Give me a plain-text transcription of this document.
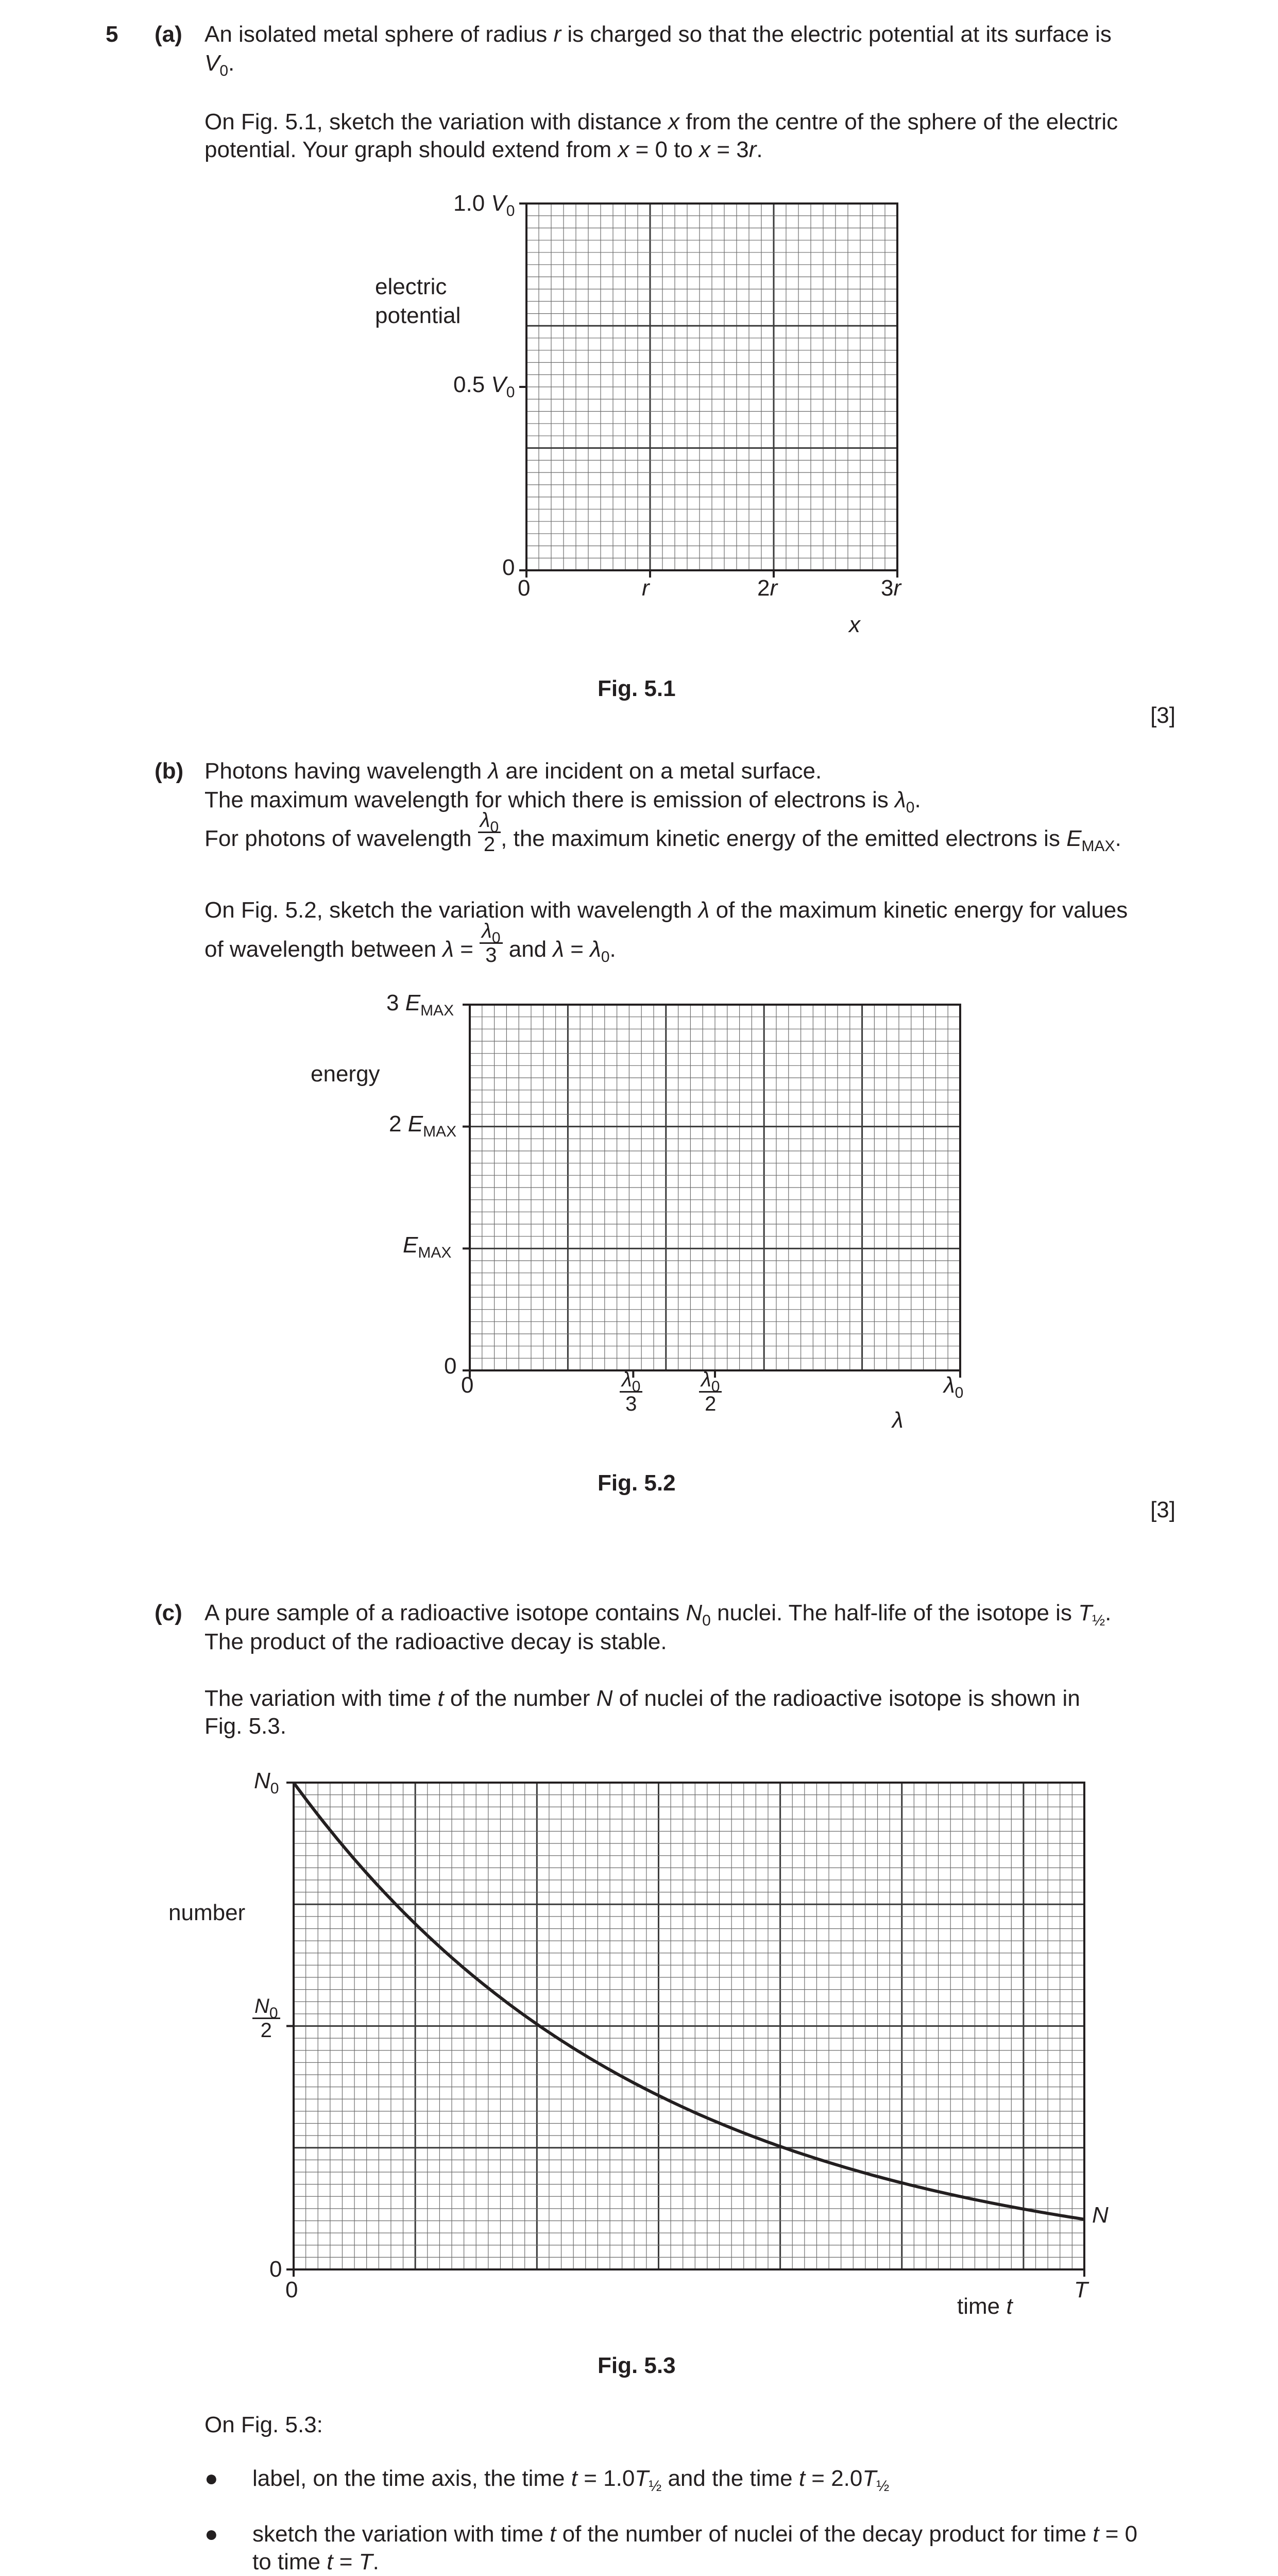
5 (a) An isolated metal sphere of radius r is charged so that the electric potential at its surface is
$V_0$.
On Fig. 5.1, sketch the variation with distance x from the centre of the sphere of the electric
potential. Your graph should extend from x = 0 to x = 3r.
1.0 $V_0$
0.5 $V_0$
0
electric
potential
0	r	2r	3r
x
Fig. 5.1
[3]
(b) Photons having wavelength λ are incident on a metal surface.
The maximum wavelength for which there is emission of electrons is $\lambda_0$.
For photons of wavelength $\frac{\lambda_0}{2}$ , the maximum kinetic energy of the emitted electrons is $E_{MAX}$.
On Fig. 5.2, sketch the variation with wavelength λ of the maximum kinetic energy for values
of wavelength between $\lambda = \frac{\lambda_0}{3}$ and $\lambda = \lambda_0$.
3 $E_{MAX}$
2 $E_{MAX}$
$E_{MAX}$
0
energy
0	$\frac{\lambda_0}{3}$	$\frac{\lambda_0}{2}$	$\lambda_0$
λ
Fig. 5.2
[3]
(c) A pure sample of a radioactive isotope contains $N_0$ nuclei. The half-life of the isotope is $T_{\frac{1}{2}}$.
The product of the radioactive decay is stable.
The variation with time t of the number N of nuclei of the radioactive isotope is shown in
Fig. 5.3.
$N_0$
number
$\frac{N_0}{2}$
0
0	T
time t
N
Fig. 5.3
On Fig. 5.3:
● label, on the time axis, the time $t = 1.0T_{\frac{1}{2}}$ and the time $t = 2.0T_{\frac{1}{2}}$
● sketch the variation with time t of the number of nuclei of the decay product for time t = 0
to time t = T.
